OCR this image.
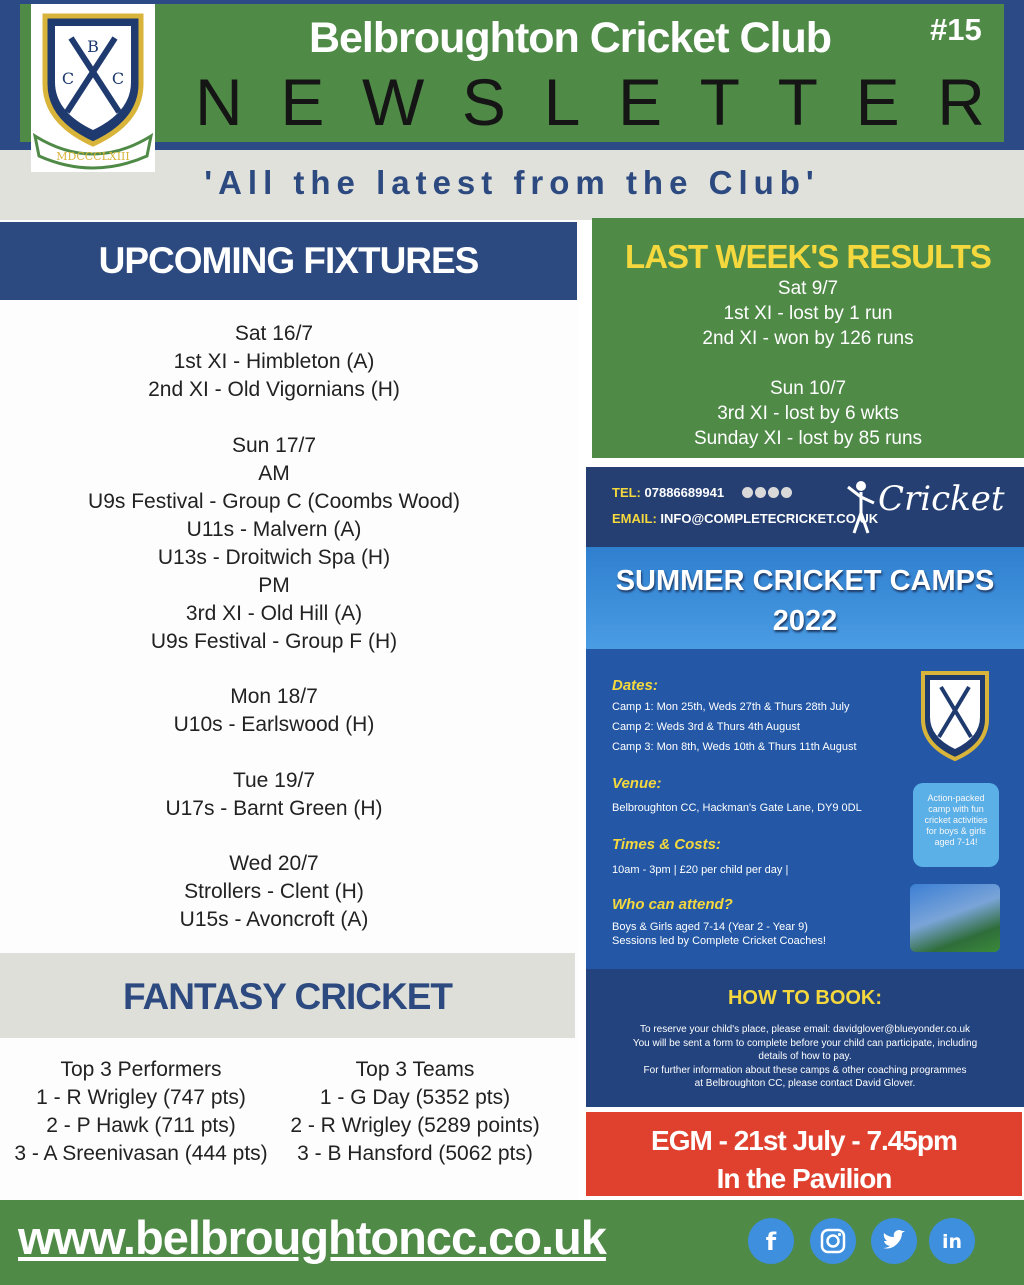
B
C C
MDCCCLXIII
Belbroughton Cricket Club	#15
N E W S L E T T E R
'All the latest from the Club'
UPCOMING FIXTURES
Sat 16/7
1st XI - Himbleton (A)
2nd XI - Old Vigornians (H)
Sun 17/7
AM
U9s Festival - Group C (Coombs Wood)
U11s - Malvern (A)
U13s - Droitwich Spa (H)
PM
3rd XI - Old Hill (A)
U9s Festival - Group F (H)
Mon 18/7
U10s - Earlswood (H)
Tue 19/7
U17s - Barnt Green (H)
Wed 20/7
Strollers - Clent (H)
U15s - Avoncroft (A)
FANTASY CRICKET
Top 3 Performers
1 - R Wrigley (747 pts)
2 - P Hawk (711 pts)
3 - A Sreenivasan (444 pts)
Top 3 Teams
1 - G Day (5352 pts)
2 - R Wrigley (5289 points)
3 - B Hansford (5062 pts)
LAST WEEK'S RESULTS
Sat 9/7
1st XI - lost by 1 run
2nd XI - won by 126 runs
Sun 10/7
3rd XI - lost by 6 wkts
Sunday XI - lost by 85 runs
TEL: 07886689941
EMAIL: INFO@COMPLETECRICKET.CO.UK Cricket
SUMMER CRICKET CAMPS 2022
Dates:
Camp 1: Mon 25th, Weds 27th & Thurs 28th July
Camp 2: Weds 3rd & Thurs 4th August
Camp 3: Mon 8th, Weds 10th & Thurs 11th August
Venue:
Belbroughton CC, Hackman's Gate Lane, DY9 0DL
Action-packed camp with fun cricket activities for boys & girls aged 7-14!
Times & Costs:
10am - 3pm | £20 per child per day |
Who can attend?
Boys & Girls aged 7-14 (Year 2 - Year 9)
Sessions led by Complete Cricket Coaches!
HOW TO BOOK:
To reserve your child's place, please email: davidglover@blueyonder.co.uk
You will be sent a form to complete before your child can participate, including
details of how to pay.
For further information about these camps & other coaching programmes
at Belbroughton CC, please contact David Glover.
EGM - 21st July - 7.45pm
In the Pavilion
www.belbroughtoncc.co.uk	f	in
